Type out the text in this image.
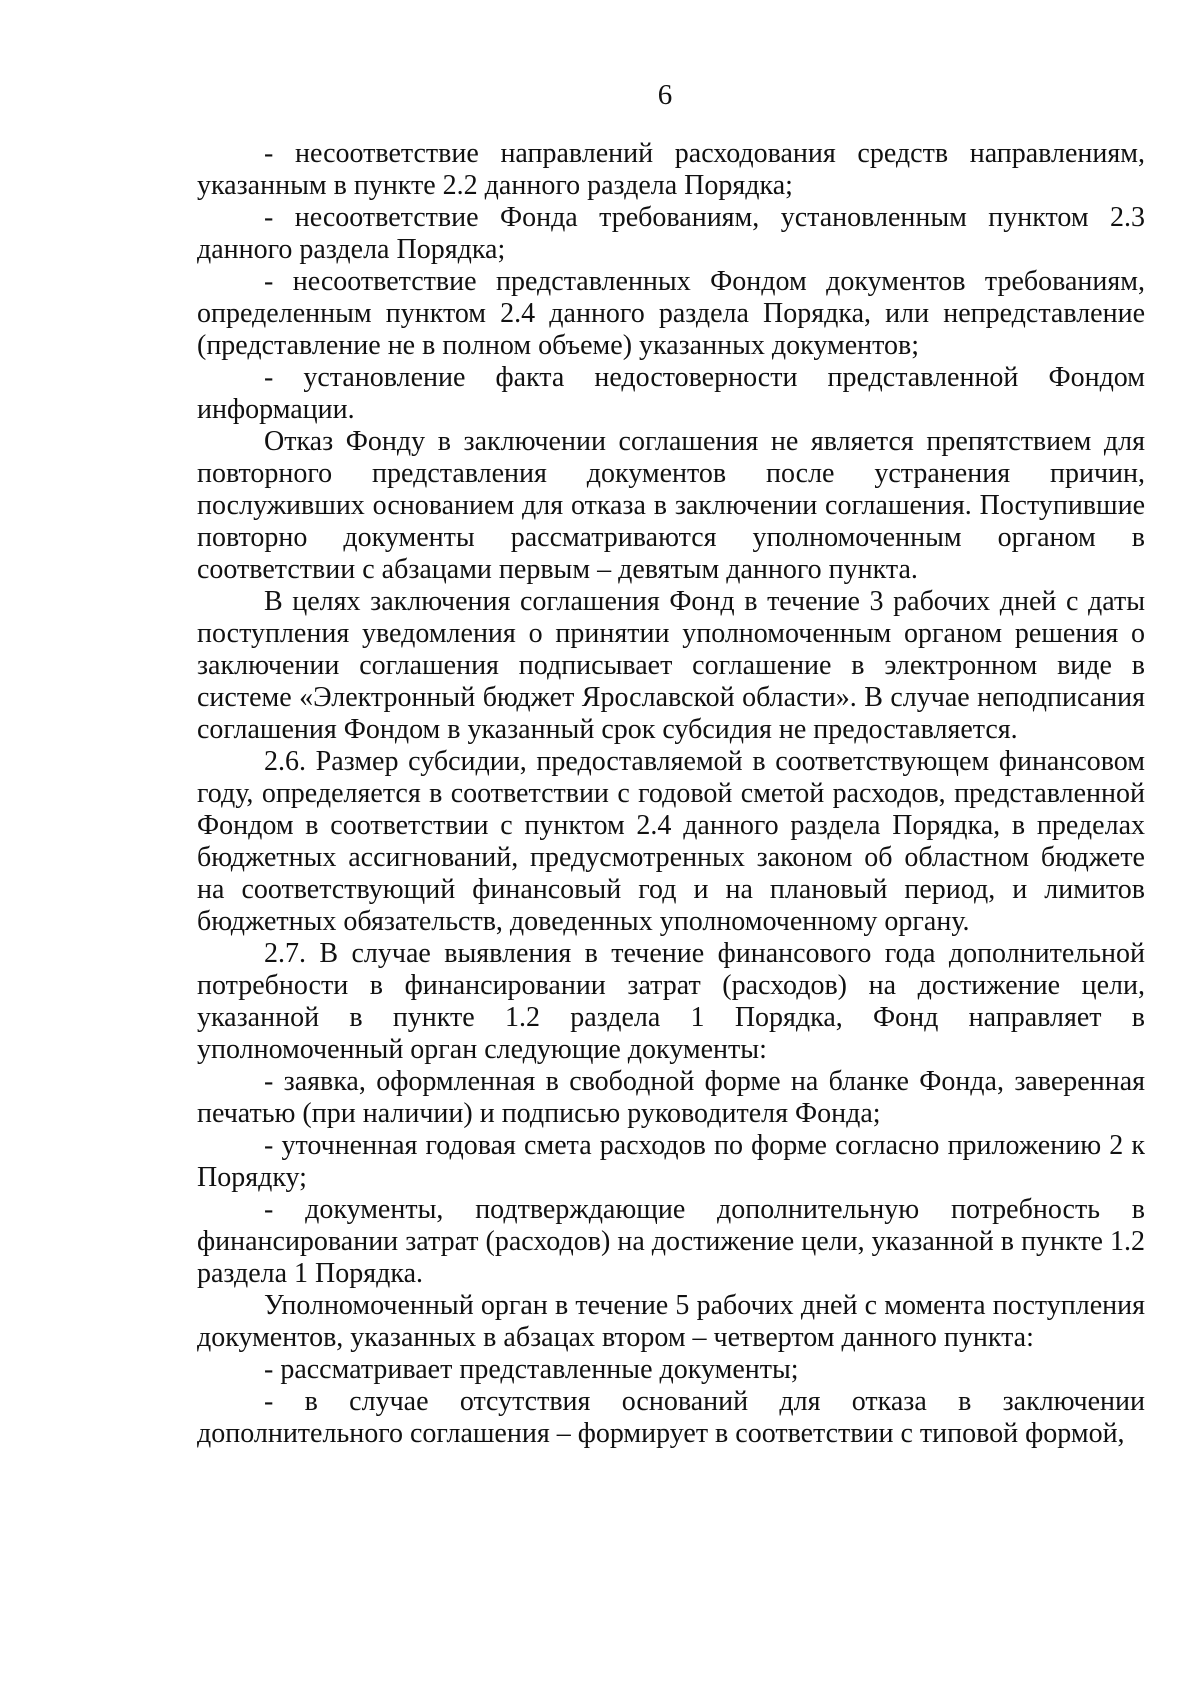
6

- несоответствие направлений расходования средств направлениям, указанным в пункте 2.2 данного раздела Порядка;

- несоответствие Фонда требованиям, установленным пунктом 2.3 данного раздела Порядка;

- несоответствие представленных Фондом документов требованиям, определенным пунктом 2.4 данного раздела Порядка, или непредставление (представление не в полном объеме) указанных документов;

- установление факта недостоверности представленной Фондом информации.

Отказ Фонду в заключении соглашения не является препятствием для повторного представления документов после устранения причин, послуживших основанием для отказа в заключении соглашения. Поступившие повторно документы рассматриваются уполномоченным органом в соответствии с абзацами первым – девятым данного пункта.

В целях заключения соглашения Фонд в течение 3 рабочих дней с даты поступления уведомления о принятии уполномоченным органом решения о заключении соглашения подписывает соглашение в электронном виде в системе «Электронный бюджет Ярославской области». В случае неподписания соглашения Фондом в указанный срок субсидия не предоставляется.

2.6. Размер субсидии, предоставляемой в соответствующем финансовом году, определяется в соответствии с годовой сметой расходов, представленной Фондом в соответствии с пунктом 2.4 данного раздела Порядка, в пределах бюджетных ассигнований, предусмотренных законом об областном бюджете на соответствующий финансовый год и на плановый период, и лимитов бюджетных обязательств, доведенных уполномоченному органу.

2.7. В случае выявления в течение финансового года дополнительной потребности в финансировании затрат (расходов) на достижение цели, указанной в пункте 1.2 раздела 1 Порядка, Фонд направляет в уполномоченный орган следующие документы:

- заявка, оформленная в свободной форме на бланке Фонда, заверенная печатью (при наличии) и подписью руководителя Фонда;

- уточненная годовая смета расходов по форме согласно приложению 2 к Порядку;

- документы, подтверждающие дополнительную потребность в финансировании затрат (расходов) на достижение цели, указанной в пункте 1.2 раздела 1 Порядка.

Уполномоченный орган в течение 5 рабочих дней с момента поступления документов, указанных в абзацах втором – четвертом данного пункта:

- рассматривает представленные документы;

- в случае отсутствия оснований для отказа в заключении дополнительного соглашения – формирует в соответствии с типовой формой,
